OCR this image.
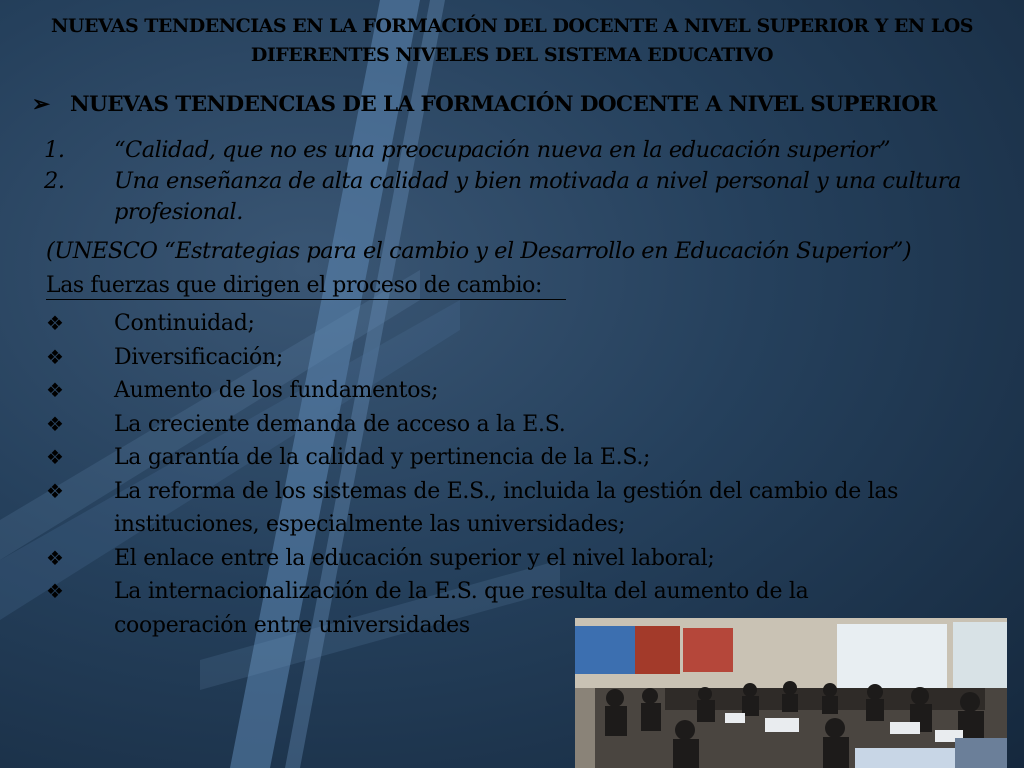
NUEVAS TENDENCIAS EN LA FORMACIÓN DEL DOCENTE A NIVEL SUPERIOR Y EN LOS DIFERENTES NIVELES DEL SISTEMA EDUCATIVO
➢ NUEVAS TENDENCIAS DE LA FORMACIÓN DOCENTE A NIVEL SUPERIOR
1.	“Calidad, que no es una preocupación nueva en la educación superior”
2.	Una enseñanza de alta calidad y bien motivada a nivel personal y una cultura profesional.
(UNESCO “Estrategias para el cambio y el Desarrollo en Educación Superior”)
Las fuerzas que dirigen el proceso de cambio:
❖	Continuidad;
❖	Diversificación;
❖	Aumento de los fundamentos;
❖	La creciente demanda de acceso a la E.S.
❖	La garantía de la calidad y pertinencia de la E.S.;
❖	La reforma de los sistemas de E.S., incluida la gestión del cambio de las instituciones, especialmente las universidades;
❖	El enlace entre la educación superior y el nivel laboral;
❖	La internacionalización de la E.S. que resulta del aumento de la cooperación entre universidades
